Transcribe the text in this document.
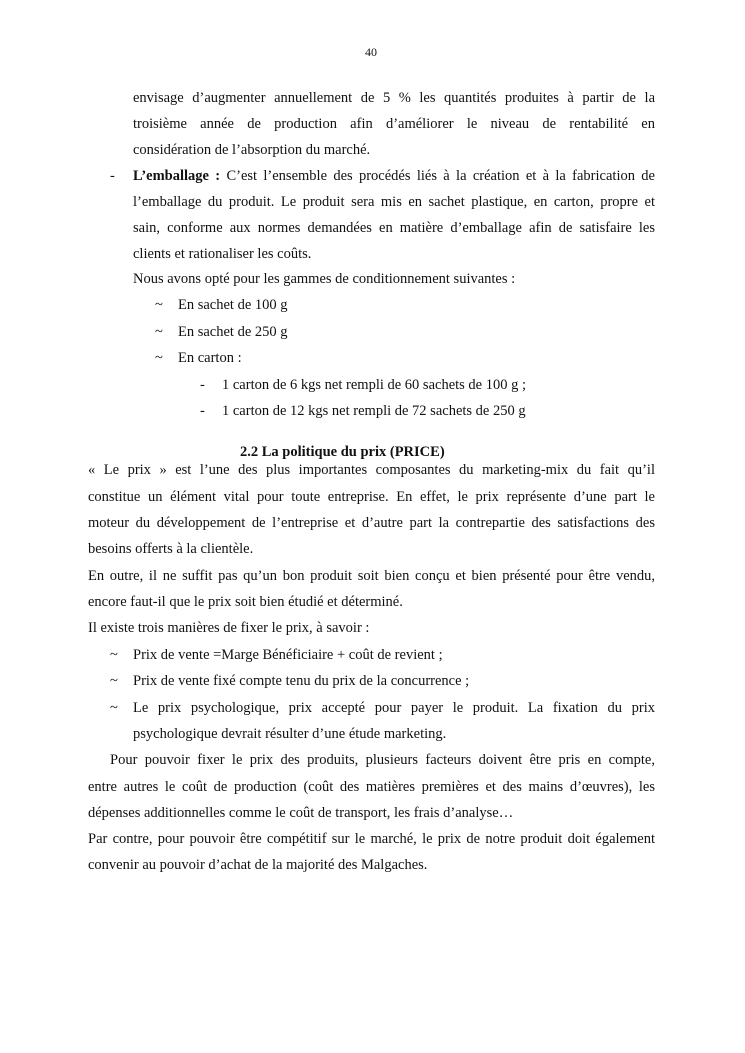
40
envisage d’augmenter annuellement de 5 % les quantités produites à partir de la
troisième année de production afin d’améliorer le niveau de rentabilité en
considération de l’absorption du marché.
- L’emballage : C’est l’ensemble des procédés liés à la création et à la fabrication de
l’emballage du produit. Le produit sera mis en sachet plastique, en carton, propre et
sain, conforme aux normes demandées en matière d’emballage afin de satisfaire les
clients et rationaliser les coûts.
Nous avons opté pour les gammes de conditionnement suivantes :
~ En sachet de 100 g
~ En sachet de 250 g
~ En carton :
- 1 carton de 6 kgs net rempli de 60 sachets de 100 g ;
- 1 carton de 12 kgs net rempli de 72 sachets de 250 g
2.2 La politique du prix (PRICE)
« Le prix » est l’une des plus importantes composantes du marketing-mix du fait qu’il
constitue un élément vital pour toute entreprise. En effet, le prix représente d’une part le
moteur du développement de l’entreprise et d’autre part la contrepartie des satisfactions des
besoins offerts à la clientèle.
En outre, il ne suffit pas qu’un bon produit soit bien conçu et bien présenté pour être vendu,
encore faut-il que le prix soit bien étudié et déterminé.
Il existe trois manières de fixer le prix, à savoir :
~ Prix de vente =Marge Bénéficiaire + coût de revient ;
~ Prix de vente fixé compte tenu du prix de la concurrence ;
~ Le prix psychologique, prix accepté pour payer le produit. La fixation du prix
psychologique devrait résulter d’une étude marketing.
Pour pouvoir fixer le prix des produits, plusieurs facteurs doivent être pris en compte,
entre autres le coût de production (coût des matières premières et des mains d’œuvres), les
dépenses additionnelles comme le coût de transport, les frais d’analyse…
Par contre, pour pouvoir être compétitif sur le marché, le prix de notre produit doit également
convenir au pouvoir d’achat de la majorité des Malgaches.
